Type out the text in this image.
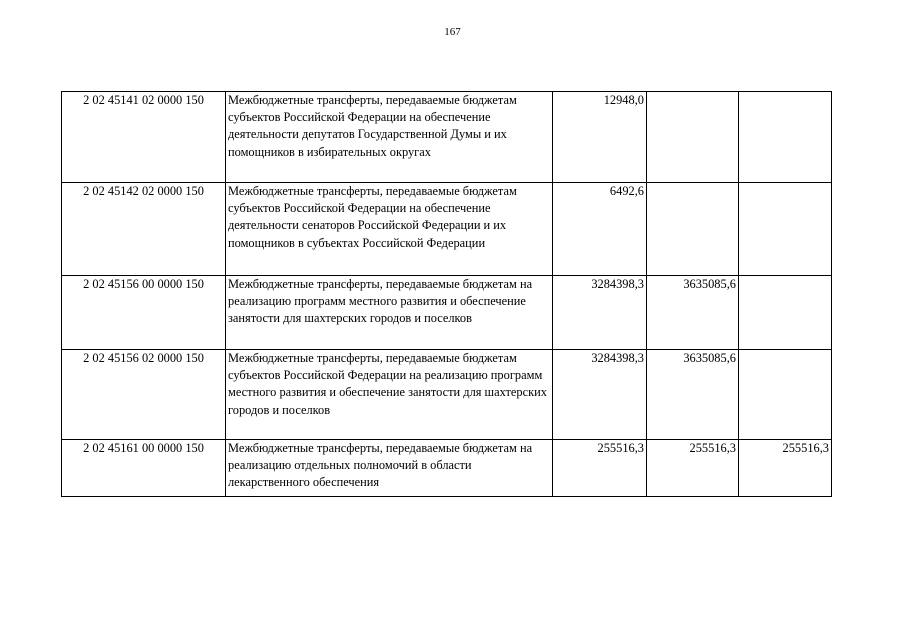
167
2 02 45141 02 0000 150	Межбюджетные трансферты, передаваемые бюджетам субъектов Российской Федерации на обеспечение деятельности депутатов Государственной Думы и их помощников в избирательных округах	12948,0		
2 02 45142 02 0000 150	Межбюджетные трансферты, передаваемые бюджетам субъектов Российской Федерации на обеспечение деятельности сенаторов Российской Федерации и их помощников в субъектах Российской Федерации	6492,6		
2 02 45156 00 0000 150	Межбюджетные трансферты, передаваемые бюджетам на реализацию программ местного развития и обеспечение занятости для шахтерских городов и поселков	3284398,3	3635085,6	
2 02 45156 02 0000 150	Межбюджетные трансферты, передаваемые бюджетам субъектов Российской Федерации на реализацию программ местного развития и обеспечение занятости для шахтерских городов и поселков	3284398,3	3635085,6	
2 02 45161 00 0000 150	Межбюджетные трансферты, передаваемые бюджетам на реализацию отдельных полномочий в области лекарственного обеспечения	255516,3	255516,3	255516,3
